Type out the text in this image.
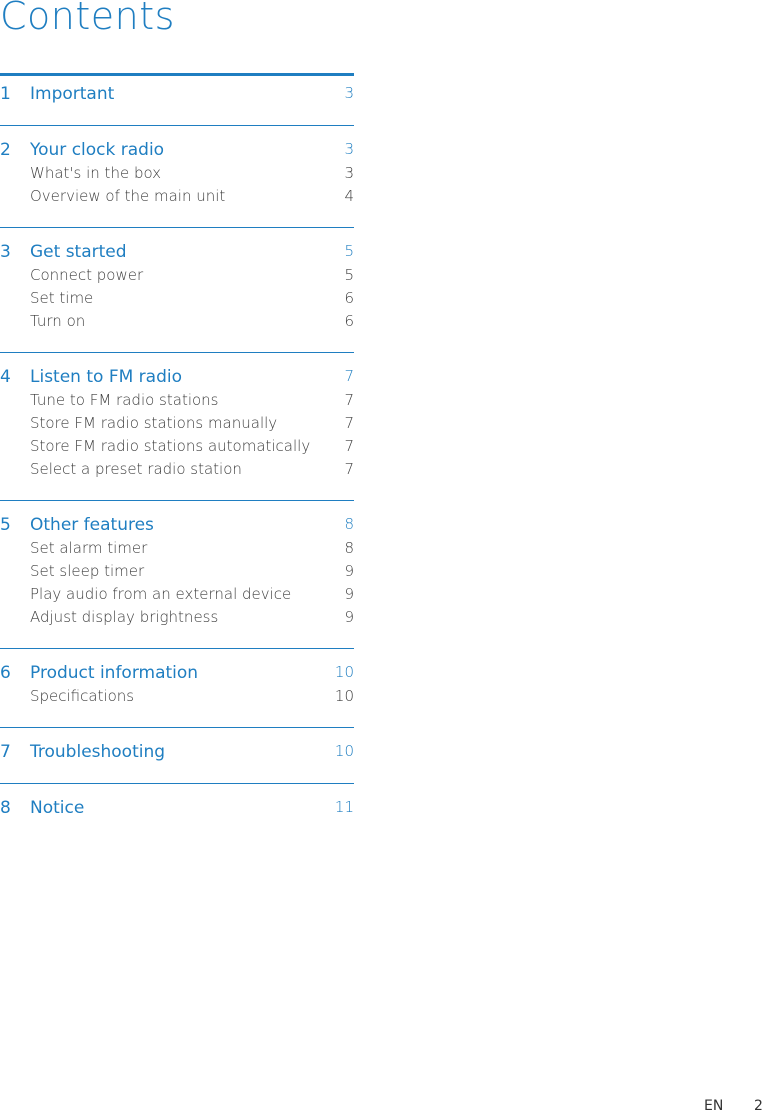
Contents
1 Important	3
2 Your clock radio	3
What's in the box	3
Overview of the main unit	4
3 Get started	5
Connect power	5
Set time	6
Turn on	6
4 Listen to FM radio	7
Tune to FM radio stations	7
Store FM radio stations manually	7
Store FM radio stations automatically 7
Select a preset radio station	7
5 Other features	8
Set alarm timer	8
Set sleep timer	9
Play audio from an external device	9
Adjust display brightness	9
6 Product information	10
Specifications	10
7 Troubleshooting	10
8 Notice	11
EN 2
